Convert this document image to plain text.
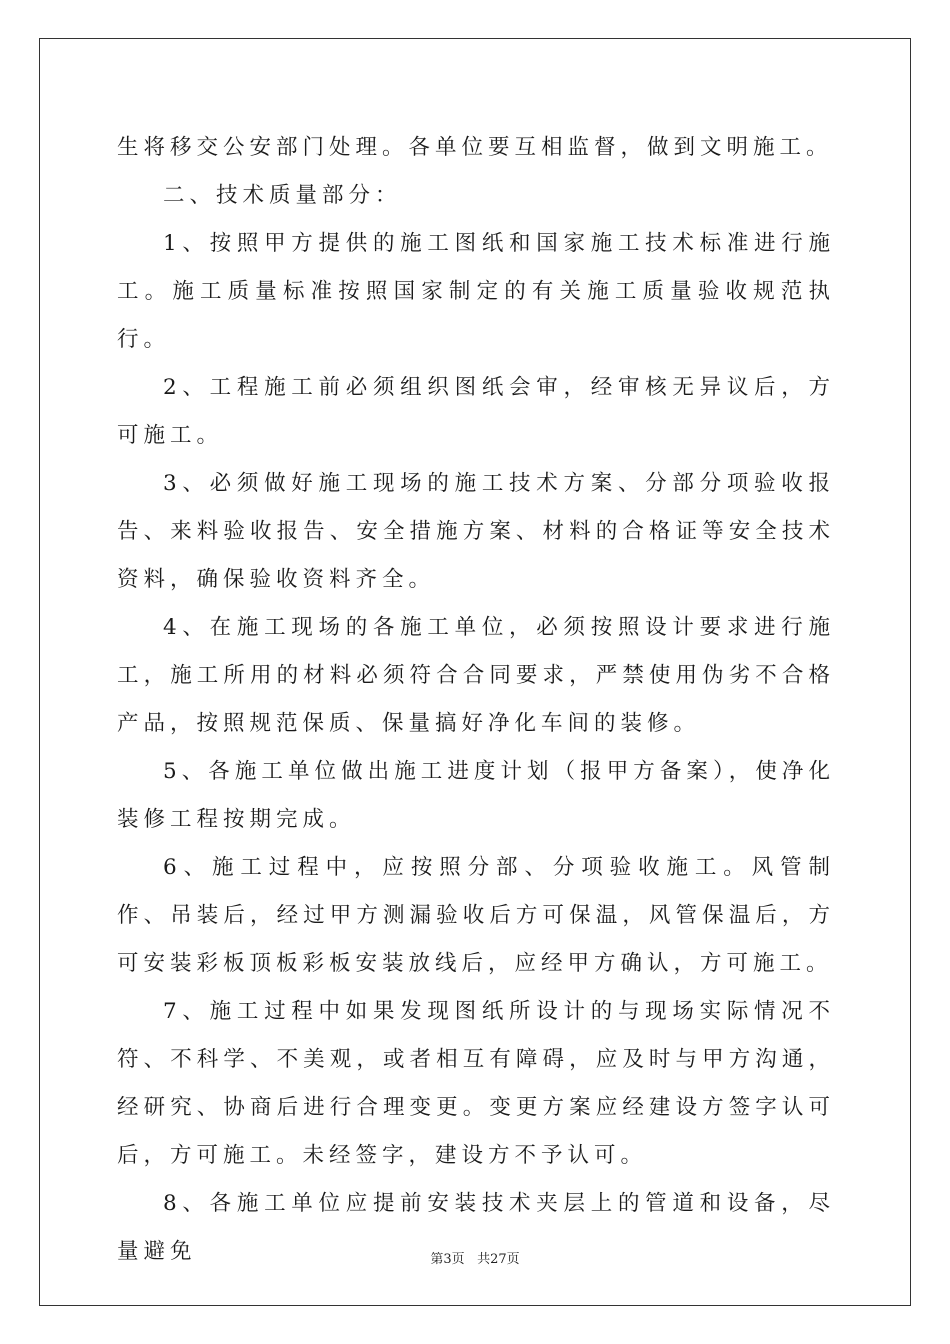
生将移交公安部门处理。各单位要互相监督，做到文明施工。

二、技术质量部分：

1、按照甲方提供的施工图纸和国家施工技术标准进行施工。施工质量标准按照国家制定的有关施工质量验收规范执行。

2、工程施工前必须组织图纸会审，经审核无异议后，方可施工。

3、必须做好施工现场的施工技术方案、分部分项验收报告、来料验收报告、安全措施方案、材料的合格证等安全技术资料，确保验收资料齐全。

4、在施工现场的各施工单位，必须按照设计要求进行施工，施工所用的材料必须符合合同要求，严禁使用伪劣不合格产品，按照规范保质、保量搞好净化车间的装修。

5、各施工单位做出施工进度计划（报甲方备案），使净化装修工程按期完成。

6、施工过程中，应按照分部、分项验收施工。风管制作、吊装后，经过甲方测漏验收后方可保温，风管保温后，方可安装彩板顶板彩板安装放线后，应经甲方确认，方可施工。

7、施工过程中如果发现图纸所设计的与现场实际情况不符、不科学、不美观，或者相互有障碍，应及时与甲方沟通，经研究、协商后进行合理变更。变更方案应经建设方签字认可后，方可施工。未经签字，建设方不予认可。

8、各施工单位应提前安装技术夹层上的管道和设备，尽量避免	第3页 共27页
